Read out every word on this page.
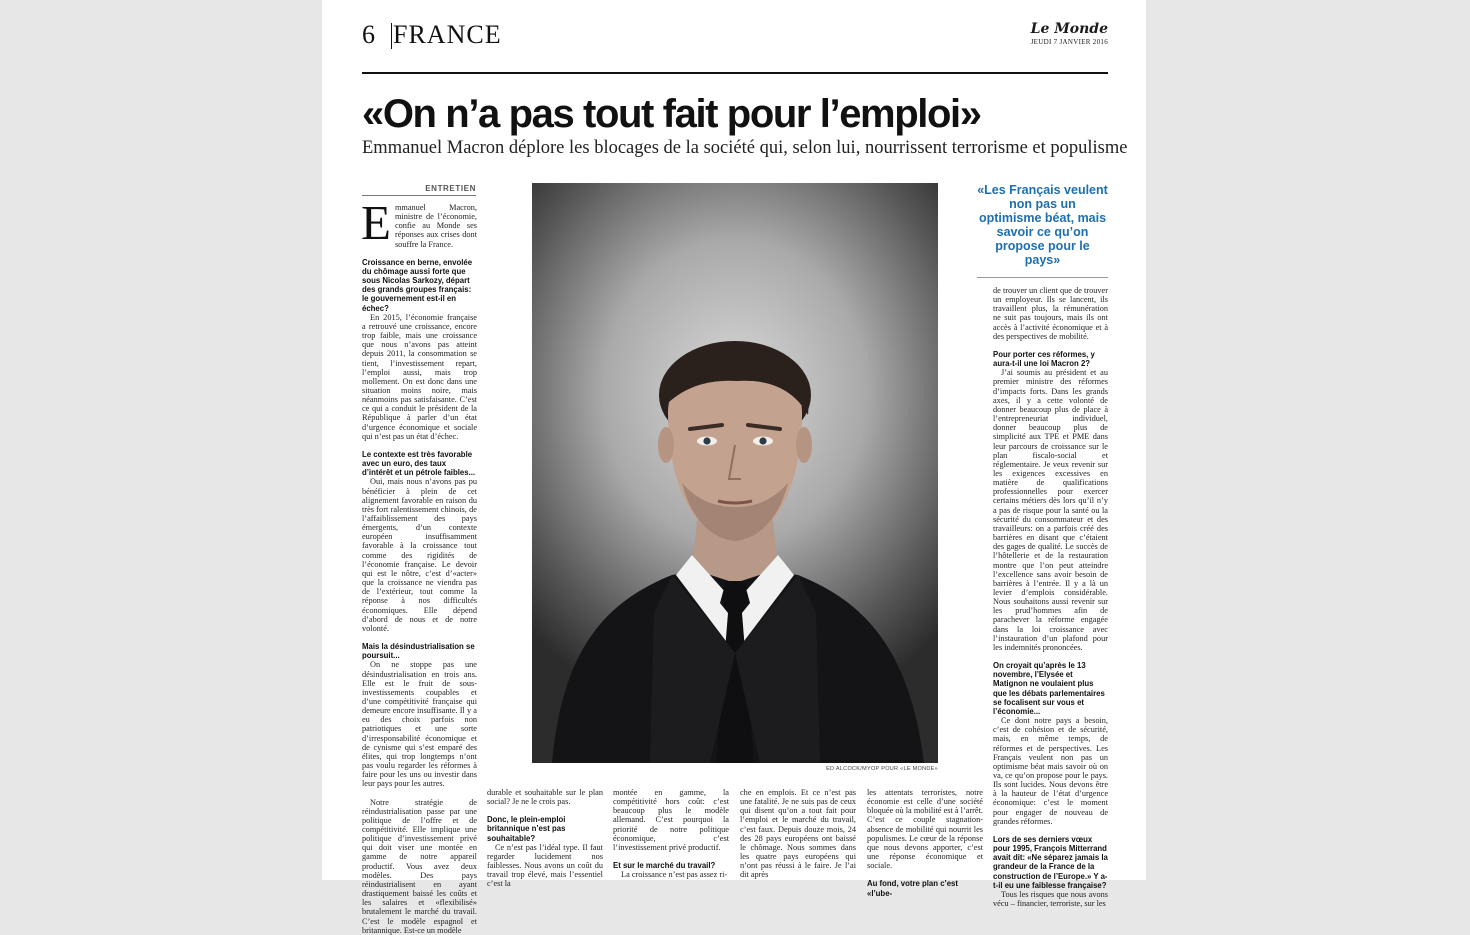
6 FRANCE	Le Monde
JEUDI 7 JANVIER 2016
«On n’a pas tout fait pour l’emploi»
Emmanuel Macron déplore les blocages de la société qui, selon lui, nourrissent terrorisme et populisme
ENTRETIEN

Emmanuel Macron, ministre de l’économie, confie au Monde ses réponses aux crises dont souffre la France.

Croissance en berne, envolée du chômage aussi forte que sous Nicolas Sarkozy, départ des grands groupes français: le gouvernement est-il en échec?

En 2015, l’économie française a retrouvé une croissance, encore trop faible, mais une croissance que nous n’avons pas atteint depuis 2011, la consommation se tient, l’investissement repart, l’emploi aussi, mais trop mollement. On est donc dans une situation moins noire, mais néanmoins pas satisfaisante. C’est ce qui a conduit le président de la République à parler d’un état d’urgence économique et sociale qui n’est pas un état d’échec.

Le contexte est très favorable avec un euro, des taux d’intérêt et un pétrole faibles...

Oui, mais nous n’avons pas pu bénéficier à plein de cet alignement favorable en raison du très fort ralentissement chinois, de l’affaiblissement des pays émergents, d’un contexte européen insuffisamment favorable à la croissance tout comme des rigidités de l’économie française. Le devoir qui est le nôtre, c’est d’«acter» que la croissance ne viendra pas de l’extérieur, tout comme la réponse à nos difficultés économiques. Elle dépend d’abord de nous et de notre volonté.

Mais la désindustrialisation se poursuit...

On ne stoppe pas une désindustrialisation en trois ans. Elle est le fruit de sous-investissements coupables et d’une compétitivité française qui demeure encore insuffisante. Il y a eu des choix parfois non patriotiques et une sorte d’irresponsabilité économique et de cynisme qui s’est emparé des élites, qui trop longtemps n’ont pas voulu regarder les réformes à faire pour les uns ou investir dans leur pays pour les autres.

Notre stratégie de réindustrialisation passe par une politique de l’offre et de compétitivité. Elle implique une politique d’investissement privé qui doit viser une montée en gamme de notre appareil productif. Vous avez deux modèles. Des pays réindustrialisent en ayant drastiquement baissé les coûts et les salaires et «flexibilisé» brutalement le marché du travail. C’est le modèle espagnol et britannique. Est-ce un modèle

ED ALCOCK/MYOP POUR «LE MONDE»
«Les Français veulent non pas un optimisme béat, mais savoir ce qu’on propose pour le pays»

de trouver un client que de trouver un employeur. Ils se lancent, ils travaillent plus, la rémunération ne suit pas toujours, mais ils ont accès à l’activité économique et à des perspectives de mobilité.

Pour porter ces réformes, y aura-t-il une loi Macron 2?

J’ai soumis au président et au premier ministre des réformes d’impacts forts. Dans les grands axes, il y a cette volonté de donner beaucoup plus de place à l’entrepreneuriat individuel, donner beaucoup plus de simplicité aux TPE et PME dans leur parcours de croissance sur le plan fiscalo-social et réglementaire. Je veux revenir sur les exigences excessives en matière de qualifications professionnelles pour exercer certains métiers dès lors qu’il n’y a pas de risque pour la santé ou la sécurité du consommateur et des travailleurs: on a parfois créé des barrières en disant que c’étaient des gages de qualité. Le succès de l’hôtellerie et de la restauration montre que l’on peut atteindre l’excellence sans avoir besoin de barrières à l’entrée. Il y a là un levier d’emplois considérable. Nous souhaitons aussi revenir sur les prud’hommes afin de parachever la réforme engagée dans la loi croissance avec l’instauration d’un plafond pour les indemnités prononcées.

On croyait qu’après le 13 novembre, l’Elysée et Matignon ne voulaient plus que les débats parlementaires se focalisent sur vous et l’économie...

Ce dont notre pays a besoin, c’est de cohésion et de sécurité, mais, en même temps, de réformes et de perspectives. Les Français veulent non pas un optimisme béat mais savoir où on va, ce qu’on propose pour le pays. Ils sont lucides. Nous devons être à la hauteur de l’état d’urgence économique: c’est le moment pour engager de nouveau de grandes réformes.

Lors de ses derniers vœux pour 1995, François Mitterrand avait dit: «Ne séparez jamais la grandeur de la France de la construction de l’Europe.» Y a-t-il eu une faiblesse française?

Tous les risques que nous avons vécu – financier, terroriste, sur les

durable et souhaitable sur le plan social? Je ne le crois pas.

Donc, le plein-emploi britannique n’est pas souhaitable?

Ce n’est pas l’idéal type. Il faut regarder lucidement nos faiblesses. Nous avons un coût du travail trop élevé, mais l’essentiel c’est la

montée en gamme, la compétitivité hors coût: c’est beaucoup plus le modèle allemand. C’est pourquoi la priorité de notre politique économique, c’est l’investissement privé productif.

Et sur le marché du travail?

La croissance n’est pas assez ri-

che en emplois. Et ce n’est pas une fatalité. Je ne suis pas de ceux qui disent qu’on a tout fait pour l’emploi et le marché du travail, c’est faux. Depuis douze mois, 24 des 28 pays européens ont baissé le chômage. Nous sommes dans les quatre pays européens qui n’ont pas réussi à le faire. Je l’ai dit après

les attentats terroristes, notre économie est celle d’une société bloquée où la mobilité est à l’arrêt. C’est ce couple stagnation-absence de mobilité qui nourrit les populismes. Le cœur de la réponse que nous devons apporter, c’est une réponse économique et sociale.

Au fond, votre plan c’est «l’ube-
